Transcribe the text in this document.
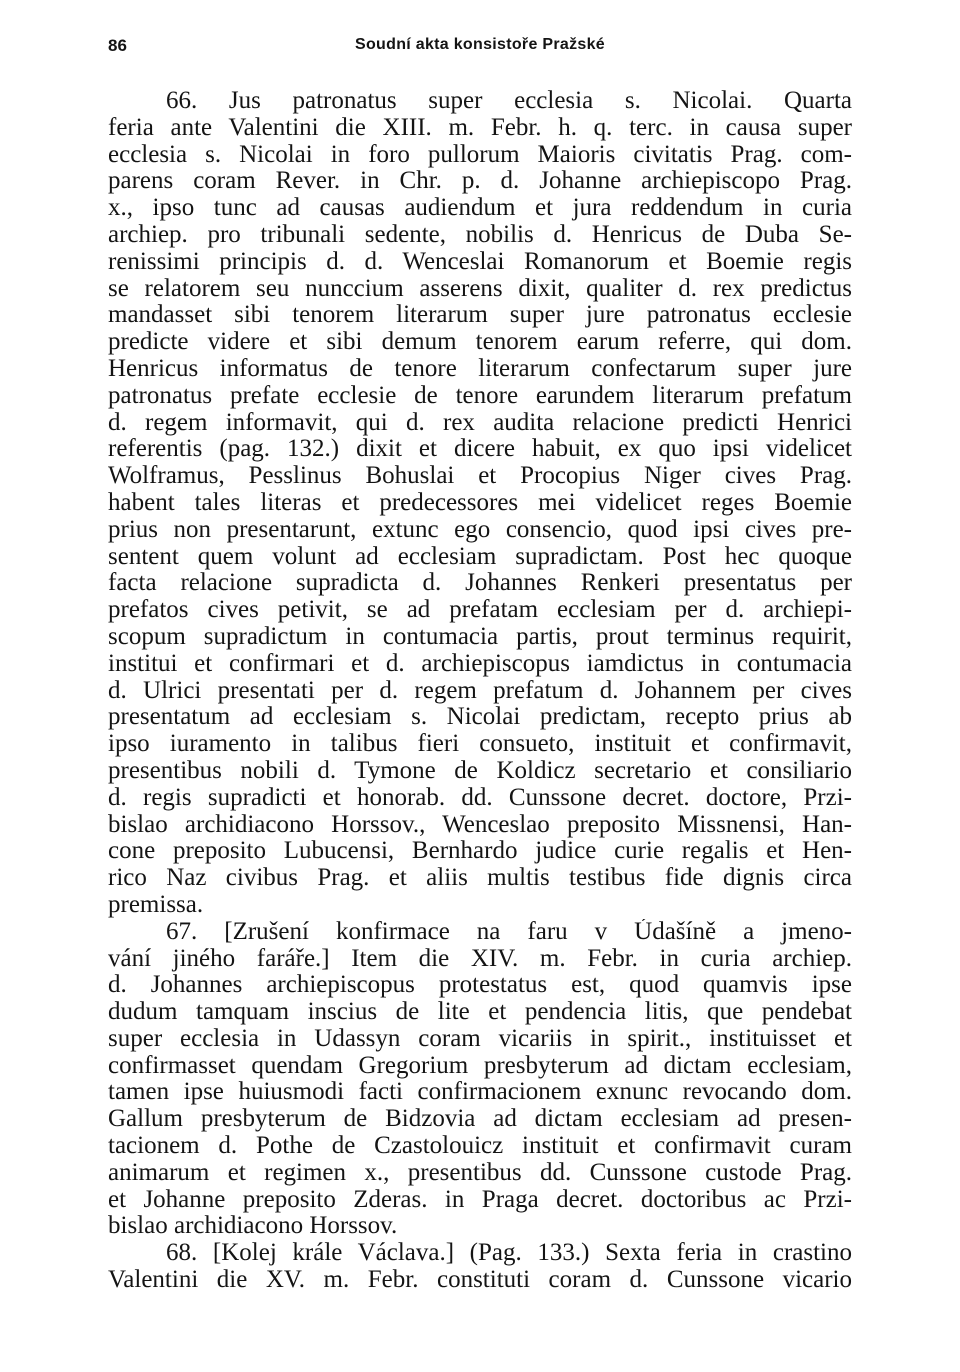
86	Soudní akta konsistoře Pražské
66. Jus patronatus super ecclesia s. Nicolai. Quarta
feria ante Valentini die XIII. m. Febr. h. q. terc. in causa super
ecclesia s. Nicolai in foro pullorum Maioris civitatis Prag. com-
parens coram Rever. in Chr. p. d. Johanne archiepiscopo Prag.
x., ipso tunc ad causas audiendum et jura reddendum in curia
archiep. pro tribunali sedente, nobilis d. Henricus de Duba Se-
renissimi principis d. d. Wenceslai Romanorum et Boemie regis
se relatorem seu nunccium asserens dixit, qualiter d. rex predictus
mandasset sibi tenorem literarum super jure patronatus ecclesie
predicte videre et sibi demum tenorem earum referre, qui dom.
Henricus informatus de tenore literarum confectarum super jure
patronatus prefate ecclesie de tenore earundem literarum prefatum
d. regem informavit, qui d. rex audita relacione predicti Henrici
referentis (pag. 132.) dixit et dicere habuit, ex quo ipsi videlicet
Wolframus, Pesslinus Bohuslai et Procopius Niger cives Prag.
habent tales literas et predecessores mei videlicet reges Boemie
prius non presentarunt, extunc ego consencio, quod ipsi cives pre-
sentent quem volunt ad ecclesiam supradictam. Post hec quoque
facta relacione supradicta d. Johannes Renkeri presentatus per
prefatos cives petivit, se ad prefatam ecclesiam per d. archiepi-
scopum supradictum in contumacia partis, prout terminus requirit,
institui et confirmari et d. archiepiscopus iamdictus in contumacia
d. Ulrici presentati per d. regem prefatum d. Johannem per cives
presentatum ad ecclesiam s. Nicolai predictam, recepto prius ab
ipso iuramento in talibus fieri consueto, instituit et confirmavit,
presentibus nobili d. Tymone de Koldicz secretario et consiliario
d. regis supradicti et honorab. dd. Cunssone decret. doctore, Przi-
bislao archidiacono Horssov., Wenceslao preposito Missnensi, Han-
cone preposito Lubucensi, Bernhardo judice curie regalis et Hen-
rico Naz civibus Prag. et aliis multis testibus fide dignis circa
premissa.
67. [Zrušení konfirmace na faru v Údašíně a jmeno-
vání jiného faráře.] Item die XIV. m. Febr. in curia archiep.
d. Johannes archiepiscopus protestatus est, quod quamvis ipse
dudum tamquam inscius de lite et pendencia litis, que pendebat
super ecclesia in Udassyn coram vicariis in spirit., instituisset et
confirmasset quendam Gregorium presbyterum ad dictam ecclesiam,
tamen ipse huiusmodi facti confirmacionem exnunc revocando dom.
Gallum presbyterum de Bidzovia ad dictam ecclesiam ad presen-
tacionem d. Pothe de Czastolouicz instituit et confirmavit curam
animarum et regimen x., presentibus dd. Cunssone custode Prag.
et Johanne preposito Zderas. in Praga decret. doctoribus ac Przi-
bislao archidiacono Horssov.
68. [Kolej krále Václava.] (Pag. 133.) Sexta feria in crastino
Valentini die XV. m. Febr. constituti coram d. Cunssone vicario
